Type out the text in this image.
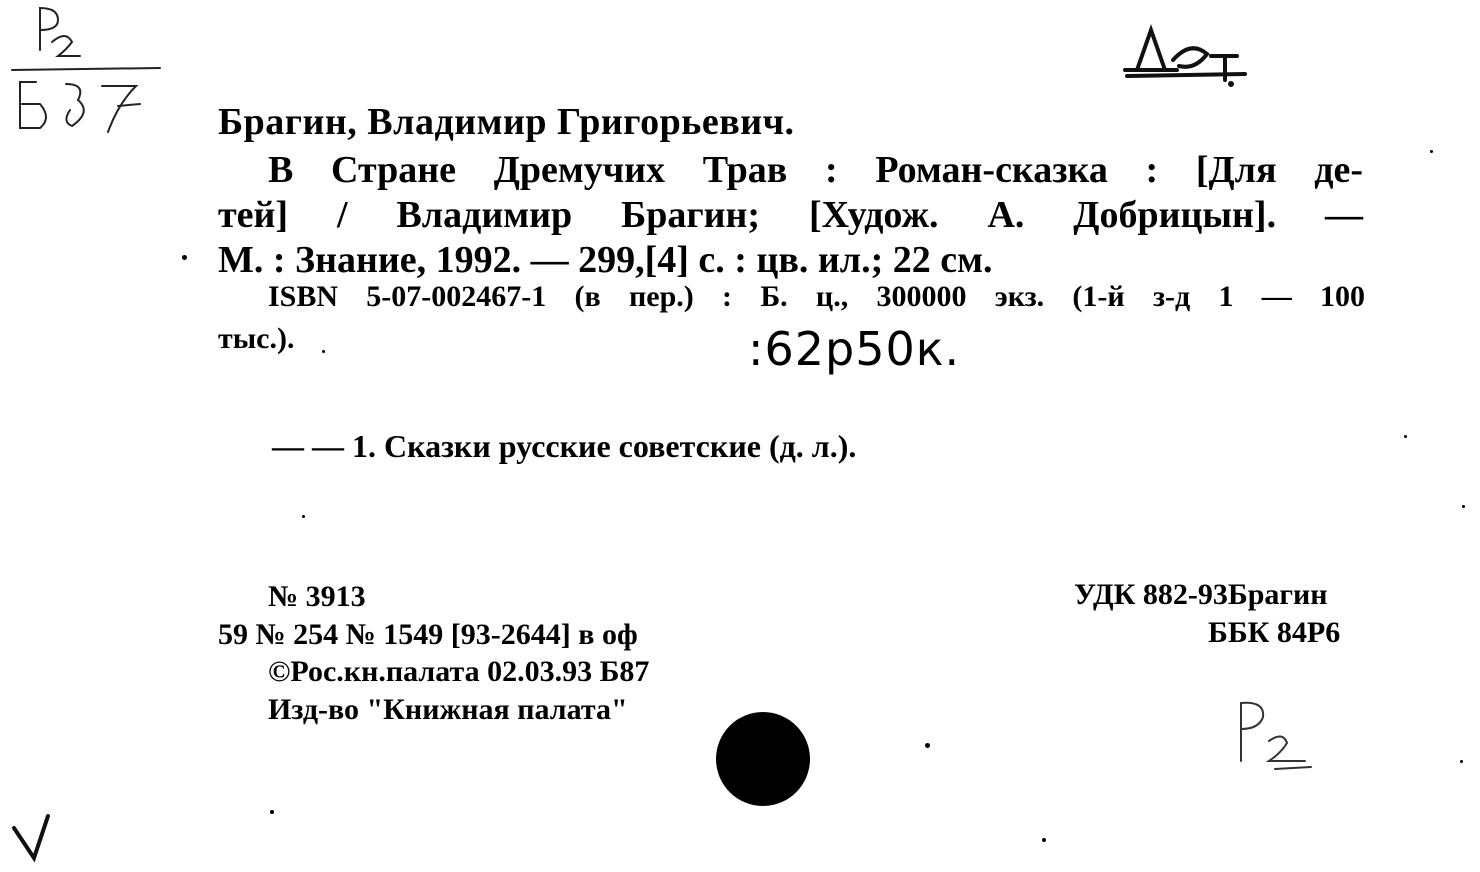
Брагин, Владимир Григорьевич.
В Стране Дремучих Трав : Роман-сказка : [Для де-
тей] / Владимир Брагин; [Худож. А. Добрицын]. —
М. : Знание, 1992. — 299,[4] с. : цв. ил.; 22 см.
ISBN 5-07-002467-1 (в пер.) : Б. ц., 300000 экз. (1-й з-д 1 — 100
тыс.).	:62р50к.
— — 1. Сказки русские советские (д. л.).
№ 3913
59 № 254 № 1549 [93-2644] в оф
©Рос.кн.палата 02.03.93 Б87
Изд-во "Книжная палата"
УДК 882-93Брагин
ББК 84Р6
